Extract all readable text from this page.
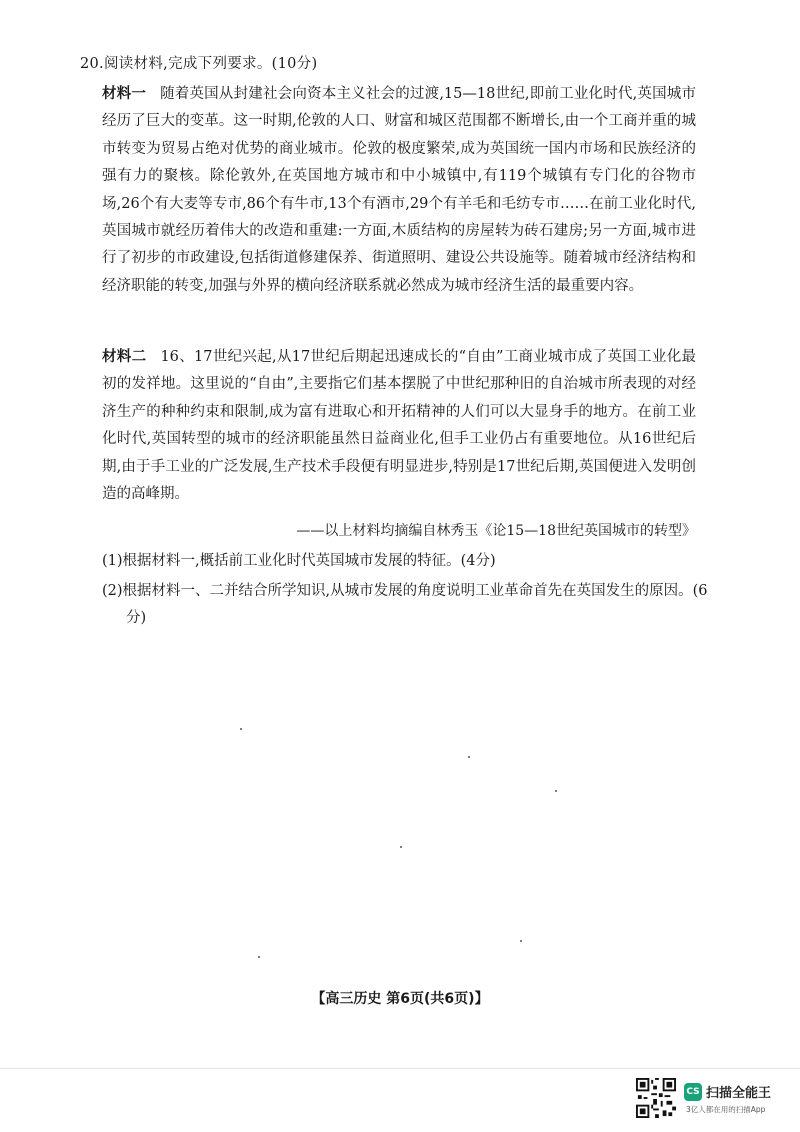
20.阅读材料,完成下列要求。(10分)
材料一 随着英国从封建社会向资本主义社会的过渡,15—18世纪,即前工业化时代,英国城市经历了巨大的变革。这一时期,伦敦的人口、财富和城区范围都不断增长,由一个工商并重的城市转变为贸易占绝对优势的商业城市。伦敦的极度繁荣,成为英国统一国内市场和民族经济的强有力的聚核。除伦敦外,在英国地方城市和中小城镇中,有119个城镇有专门化的谷物市场,26个有大麦等专市,86个有牛市,13个有酒市,29个有羊毛和毛纺专市……在前工业化时代,英国城市就经历着伟大的改造和重建:一方面,木质结构的房屋转为砖石建房;另一方面,城市进行了初步的市政建设,包括街道修建保养、街道照明、建设公共设施等。随着城市经济结构和经济职能的转变,加强与外界的横向经济联系就必然成为城市经济生活的最重要内容。
材料二 16、17世纪兴起,从17世纪后期起迅速成长的“自由”工商业城市成了英国工业化最初的发祥地。这里说的“自由”,主要指它们基本摆脱了中世纪那种旧的自治城市所表现的对经济生产的种种约束和限制,成为富有进取心和开拓精神的人们可以大显身手的地方。在前工业化时代,英国转型的城市的经济职能虽然日益商业化,但手工业仍占有重要地位。从16世纪后期,由于手工业的广泛发展,生产技术手段便有明显进步,特别是17世纪后期,英国便进入发明创造的高峰期。
——以上材料均摘编自林秀玉《论15—18世纪英国城市的转型》
(1)根据材料一,概括前工业化时代英国城市发展的特征。(4分)
(2)根据材料一、二并结合所学知识,从城市发展的角度说明工业革命首先在英国发生的原因。(6分)
【高三历史 第6页(共6页)】
CS 扫描全能王
3亿人都在用的扫描App
